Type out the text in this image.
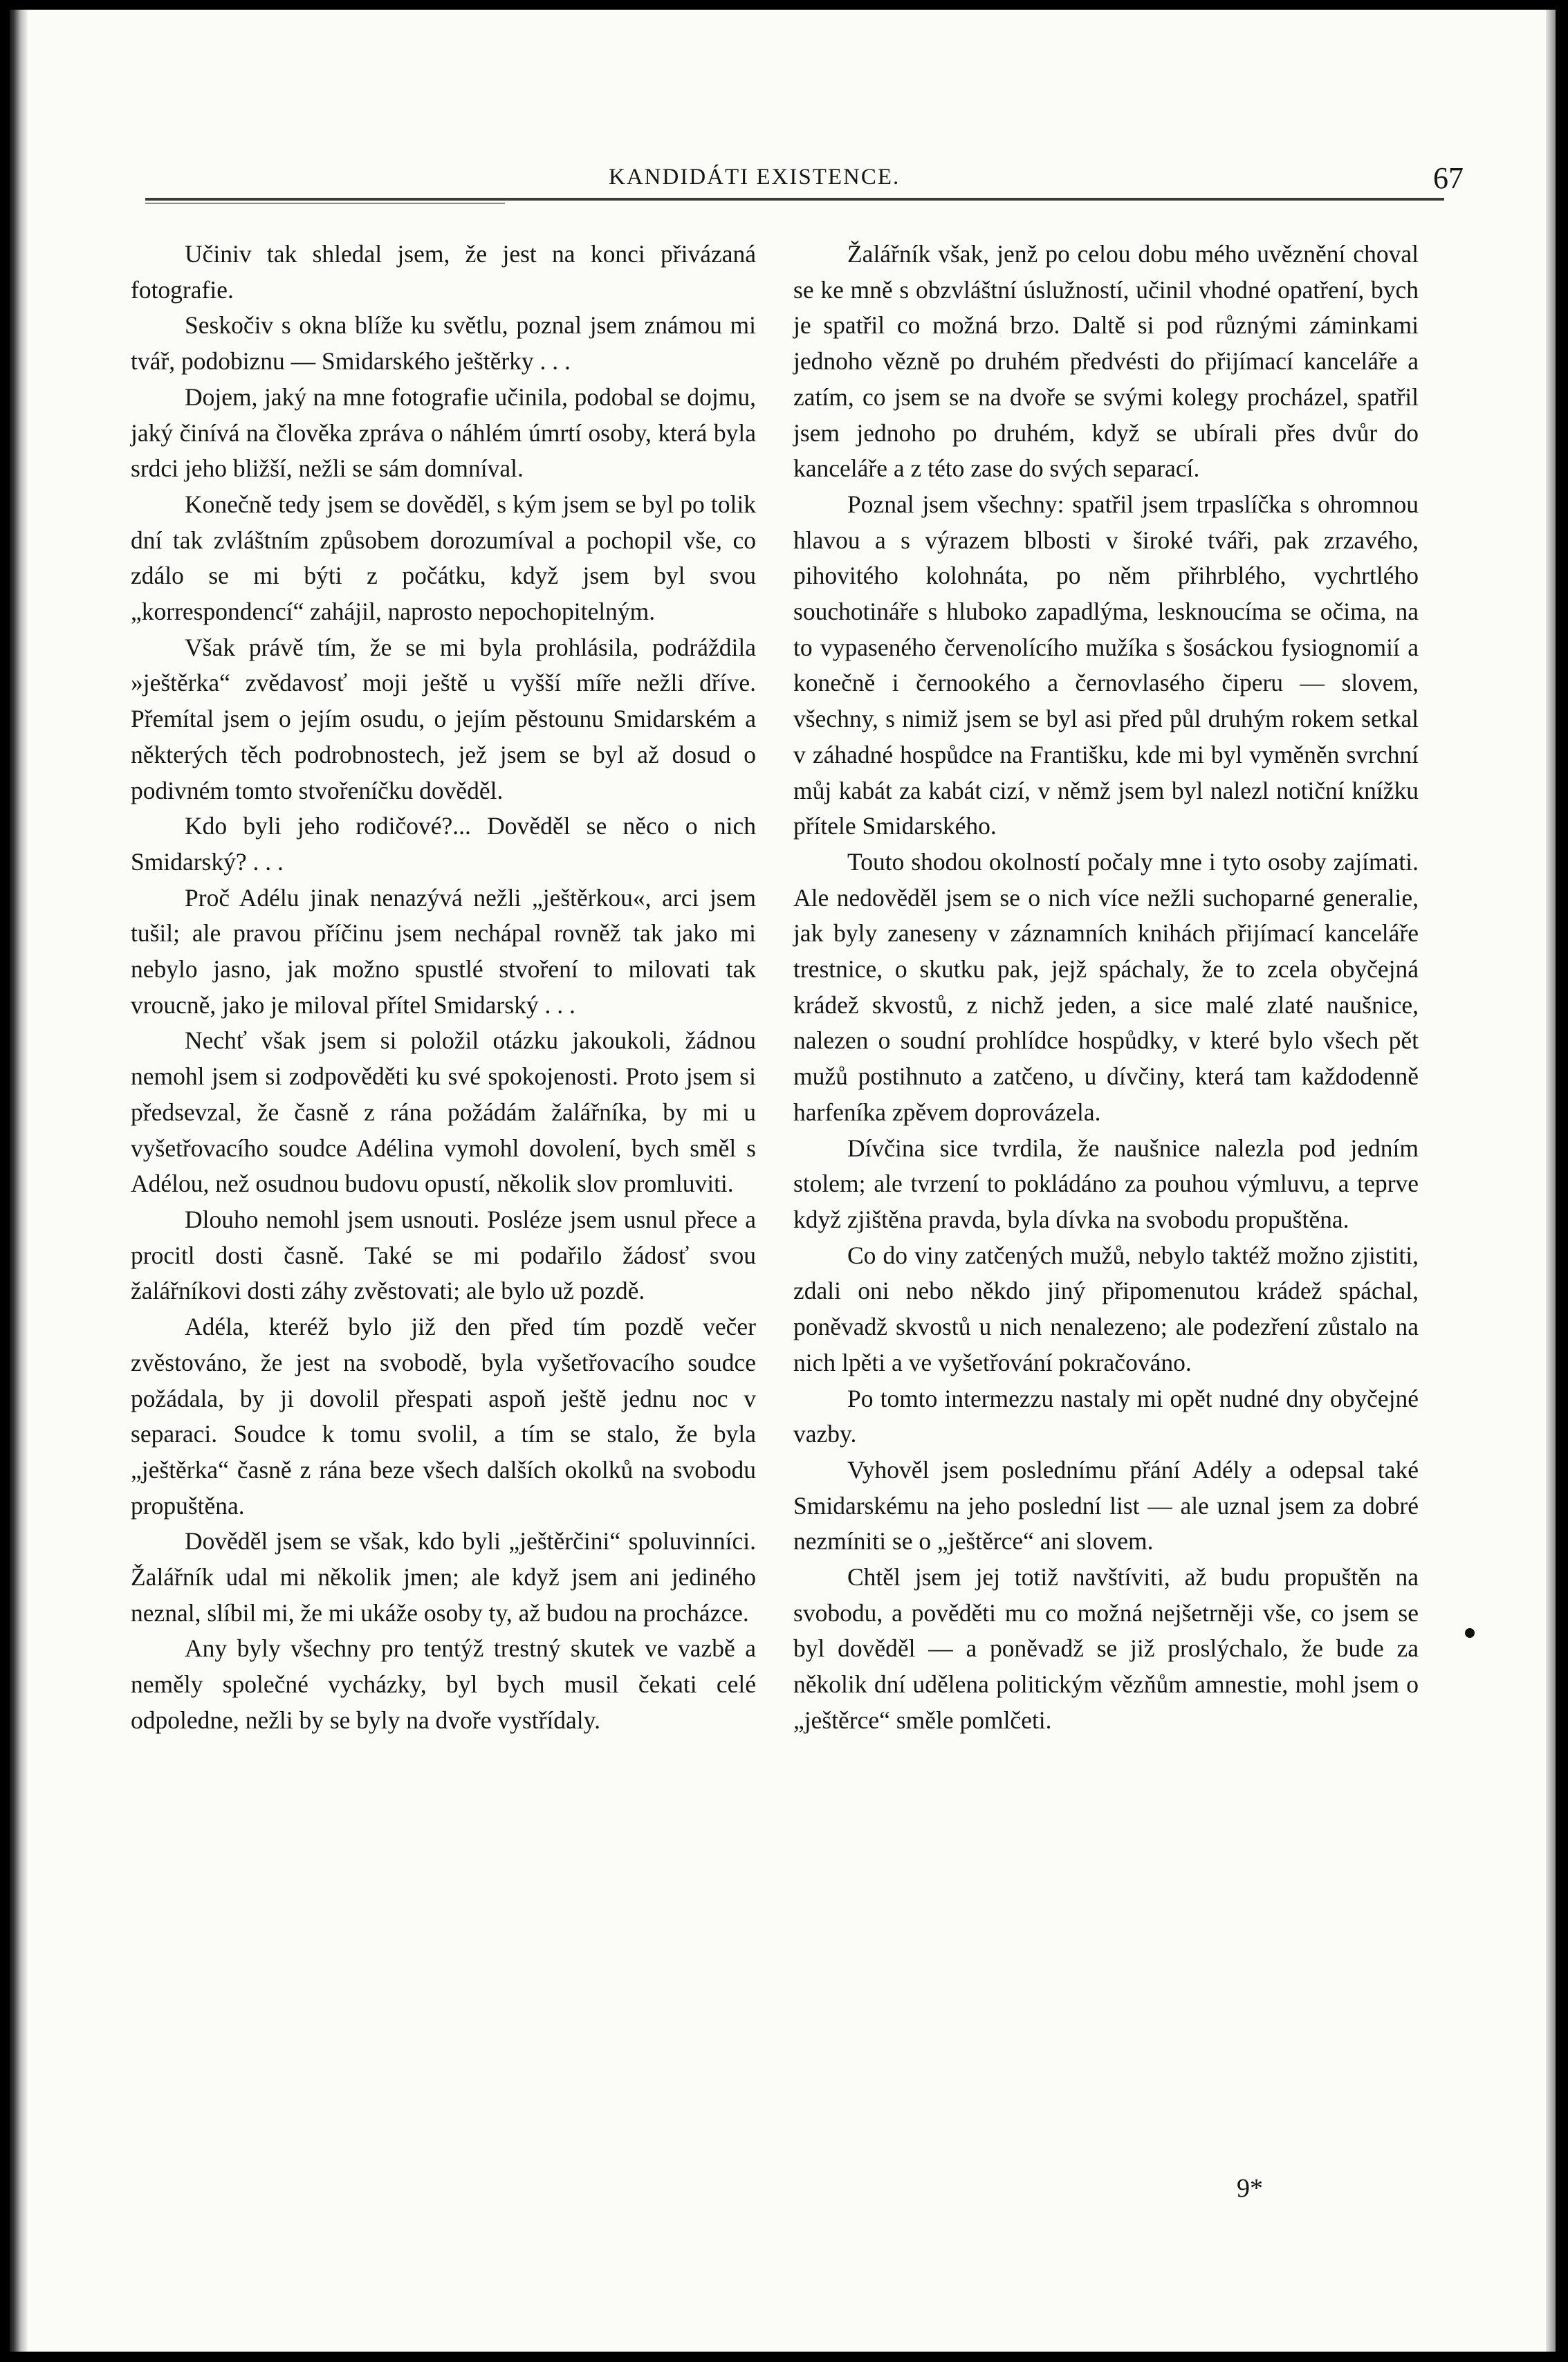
KANDIDÁTI EXISTENCE.	67

Učiniv tak shledal jsem, že jest na konci přivázaná fotografie.

Seskočiv s okna blíže ku světlu, poznal jsem známou mi tvář, podobiznu — Smidarského ještěrky . . .

Dojem, jaký na mne fotografie učinila, podobal se dojmu, jaký činívá na člověka zpráva o náhlém úmrtí osoby, která byla srdci jeho bližší, nežli se sám domníval.

Konečně tedy jsem se dověděl, s kým jsem se byl po tolik dní tak zvláštním způsobem dorozumíval a pochopil vše, co zdálo se mi býti z počátku, když jsem byl svou „korrespondencí“ zahájil, naprosto nepochopitelným.

Však právě tím, že se mi byla prohlásila, podráždila »ještěrka“ zvědavosť moji ještě u vyšší míře nežli dříve. Přemítal jsem o jejím osudu, o jejím pěstounu Smidarském a některých těch podrobnostech, jež jsem se byl až dosud o podivném tomto stvořeníčku dověděl.

Kdo byli jeho rodičové?... Dověděl se něco o nich Smidarský? . . .

Proč Adélu jinak nenazývá nežli „ještěrkou«, arci jsem tušil; ale pravou příčinu jsem nechápal rovněž tak jako mi nebylo jasno, jak možno spustlé stvoření to milovati tak vroucně, jako je miloval přítel Smidarský . . .

Nechť však jsem si položil otázku jakoukoli, žádnou nemohl jsem si zodpověděti ku své spokojenosti. Proto jsem si předsevzal, že časně z rána požádám žalářníka, by mi u vyšetřovacího soudce Adélina vymohl dovolení, bych směl s Adélou, než osudnou budovu opustí, několik slov promluviti.

Dlouho nemohl jsem usnouti. Posléze jsem usnul přece a procitl dosti časně. Také se mi podařilo žádosť svou žalářníkovi dosti záhy zvěstovati; ale bylo už pozdě.

Adéla, kteréž bylo již den před tím pozdě večer zvěstováno, že jest na svobodě, byla vyšetřovacího soudce požádala, by ji dovolil přespati aspoň ještě jednu noc v separaci. Soudce k tomu svolil, a tím se stalo, že byla „ještěrka“ časně z rána beze všech dalších okolků na svobodu propuštěna.

Dověděl jsem se však, kdo byli „ještěrčini“ spoluvinníci. Žalářník udal mi několik jmen; ale když jsem ani jediného neznal, slíbil mi, že mi ukáže osoby ty, až budou na procházce.

Any byly všechny pro tentýž trestný skutek ve vazbě a neměly společné vycházky, byl bych musil čekati celé odpoledne, nežli by se byly na dvoře vystřídaly.

Žalářník však, jenž po celou dobu mého uvěznění choval se ke mně s obzvláštní úslužností, učinil vhodné opatření, bych je spatřil co možná brzo. Daltě si pod různými záminkami jednoho vězně po druhém předvésti do přijímací kanceláře a zatím, co jsem se na dvoře se svými kolegy procházel, spatřil jsem jednoho po druhém, když se ubírali přes dvůr do kanceláře a z této zase do svých separací.

Poznal jsem všechny: spatřil jsem trpaslíčka s ohromnou hlavou a s výrazem blbosti v široké tváři, pak zrzavého, pihovitého kolohnáta, po něm přihrblého, vychrtlého souchotináře s hluboko zapadlýma, lesknoucíma se očima, na to vypaseného červenolícího mužíka s šosáckou fysiognomií a konečně i černookého a černovlasého čiperu — slovem, všechny, s nimiž jsem se byl asi před půl druhým rokem setkal v záhadné hospůdce na Františku, kde mi byl vyměněn svrchní můj kabát za kabát cizí, v němž jsem byl nalezl notiční knížku přítele Smidarského.

Touto shodou okolností počaly mne i tyto osoby zajímati. Ale nedověděl jsem se o nich více nežli suchoparné generalie, jak byly zaneseny v záznamních knihách přijímací kanceláře trestnice, o skutku pak, jejž spáchaly, že to zcela obyčejná krádež skvostů, z nichž jeden, a sice malé zlaté naušnice, nalezen o soudní prohlídce hospůdky, v které bylo všech pět mužů postihnuto a zatčeno, u dívčiny, která tam každodenně harfeníka zpěvem doprovázela.

Dívčina sice tvrdila, že naušnice nalezla pod jedním stolem; ale tvrzení to pokládáno za pouhou výmluvu, a teprve když zjištěna pravda, byla dívka na svobodu propuštěna.

Co do viny zatčených mužů, nebylo taktéž možno zjistiti, zdali oni nebo někdo jiný připomenutou krádež spáchal, poněvadž skvostů u nich nenalezeno; ale podezření zůstalo na nich lpěti a ve vyšetřování pokračováno.

Po tomto intermezzu nastaly mi opět nudné dny obyčejné vazby.

Vyhověl jsem poslednímu přání Adély a odepsal také Smidarskému na jeho poslední list — ale uznal jsem za dobré nezmíniti se o „ještěrce“ ani slovem.

Chtěl jsem jej totiž navštíviti, až budu propuštěn na svobodu, a pověděti mu co možná nejšetrněji vše, co jsem se byl dověděl — a poněvadž se již proslýchalo, že bude za několik dní udělena politickým vězňům amnestie, mohl jsem o „ještěrce“ směle pomlčeti.

9*
